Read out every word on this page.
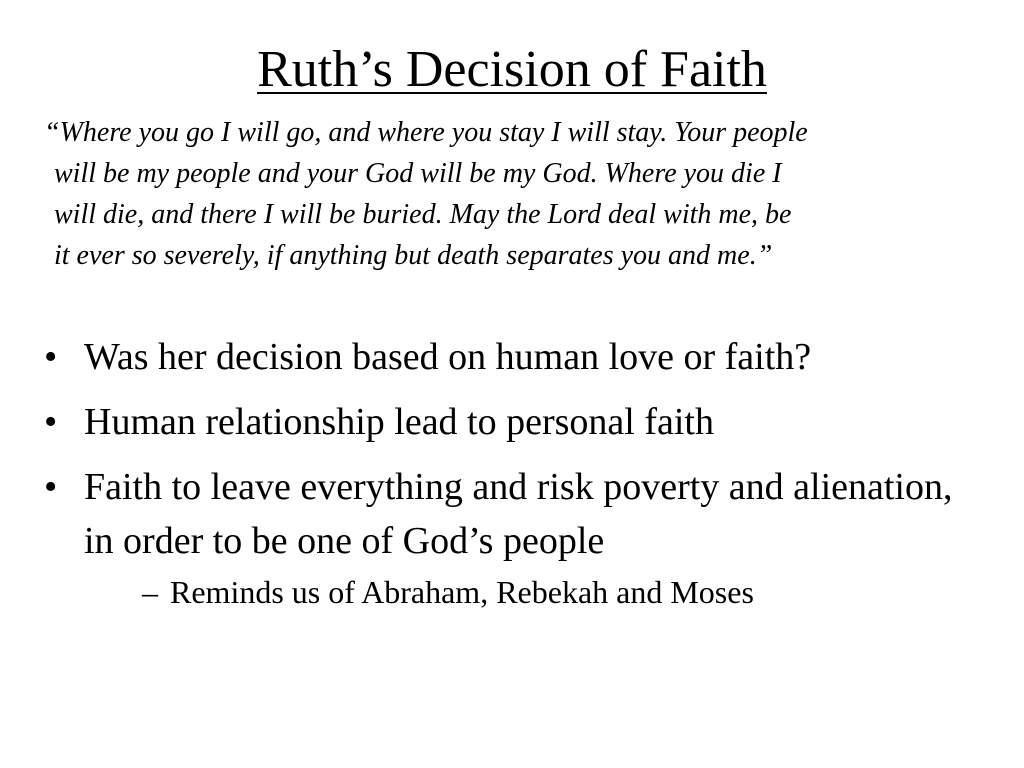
Ruth’s Decision of Faith

“Where you go I will go, and where you stay I will stay. Your people
will be my people and your God will be my God. Where you die I
will die, and there I will be buried. May the Lord deal with me, be
it ever so severely, if anything but death separates you and me.”

• Was her decision based on human love or faith?
• Human relationship lead to personal faith
• Faith to leave everything and risk poverty and alienation, in order to be one of God’s people
– Reminds us of Abraham, Rebekah and Moses
